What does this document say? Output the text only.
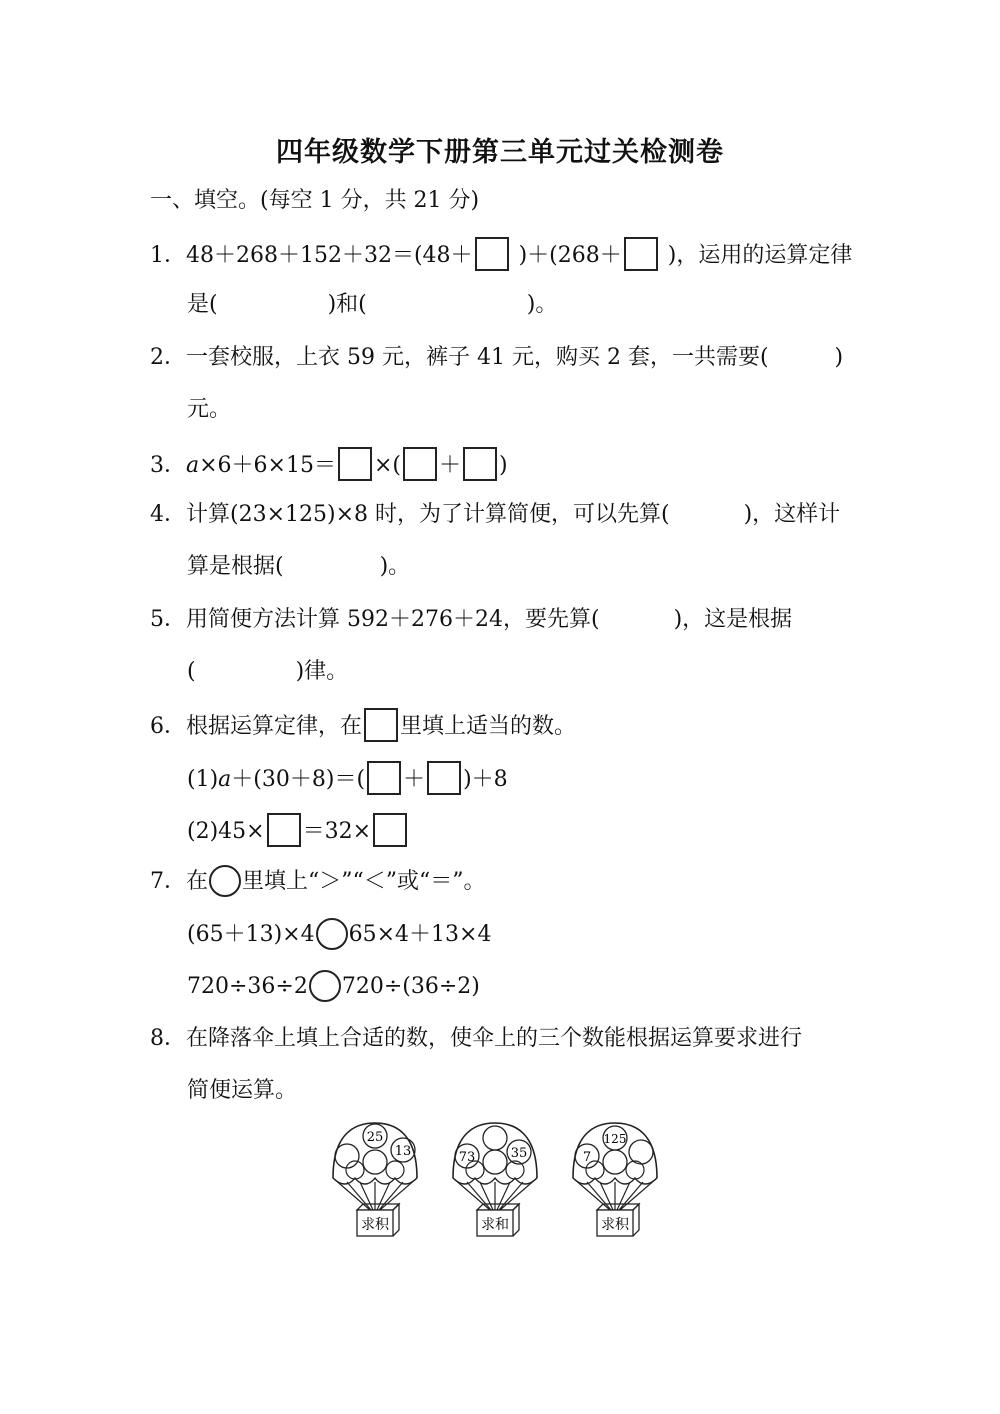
四年级数学下册第三单元过关检测卷
一、填空。(每空 1 分，共 21 分)
1．48＋268＋152＋32＝(48＋ )＋(268＋ )，运用的运算定律
是(	)和(	)。
2．一套校服，上衣 59 元，裤子 41 元，购买 2 套，一共需要(	)
元。
3．a×6＋6×15＝ ×( ＋ )
4．计算(23×125)×8 时，为了计算简便，可以先算(	)，这样计
算是根据(	)。
5．用简便方法计算 592＋276＋24，要先算(	)，这是根据
(	)律。
6．根据运算定律，在 里填上适当的数。
(1)a＋(30＋8)＝( ＋ )＋8
(2)45× ＝32×
7．在 里填上“＞”“＜”或“＝”。
(65＋13)×4 65×4＋13×4
720÷36÷2 720÷(36÷2)
8．在降落伞上填上合适的数，使伞上的三个数能根据运算要求进行
简便运算。
25
13
求积
73	35
求和
7
125
求积
